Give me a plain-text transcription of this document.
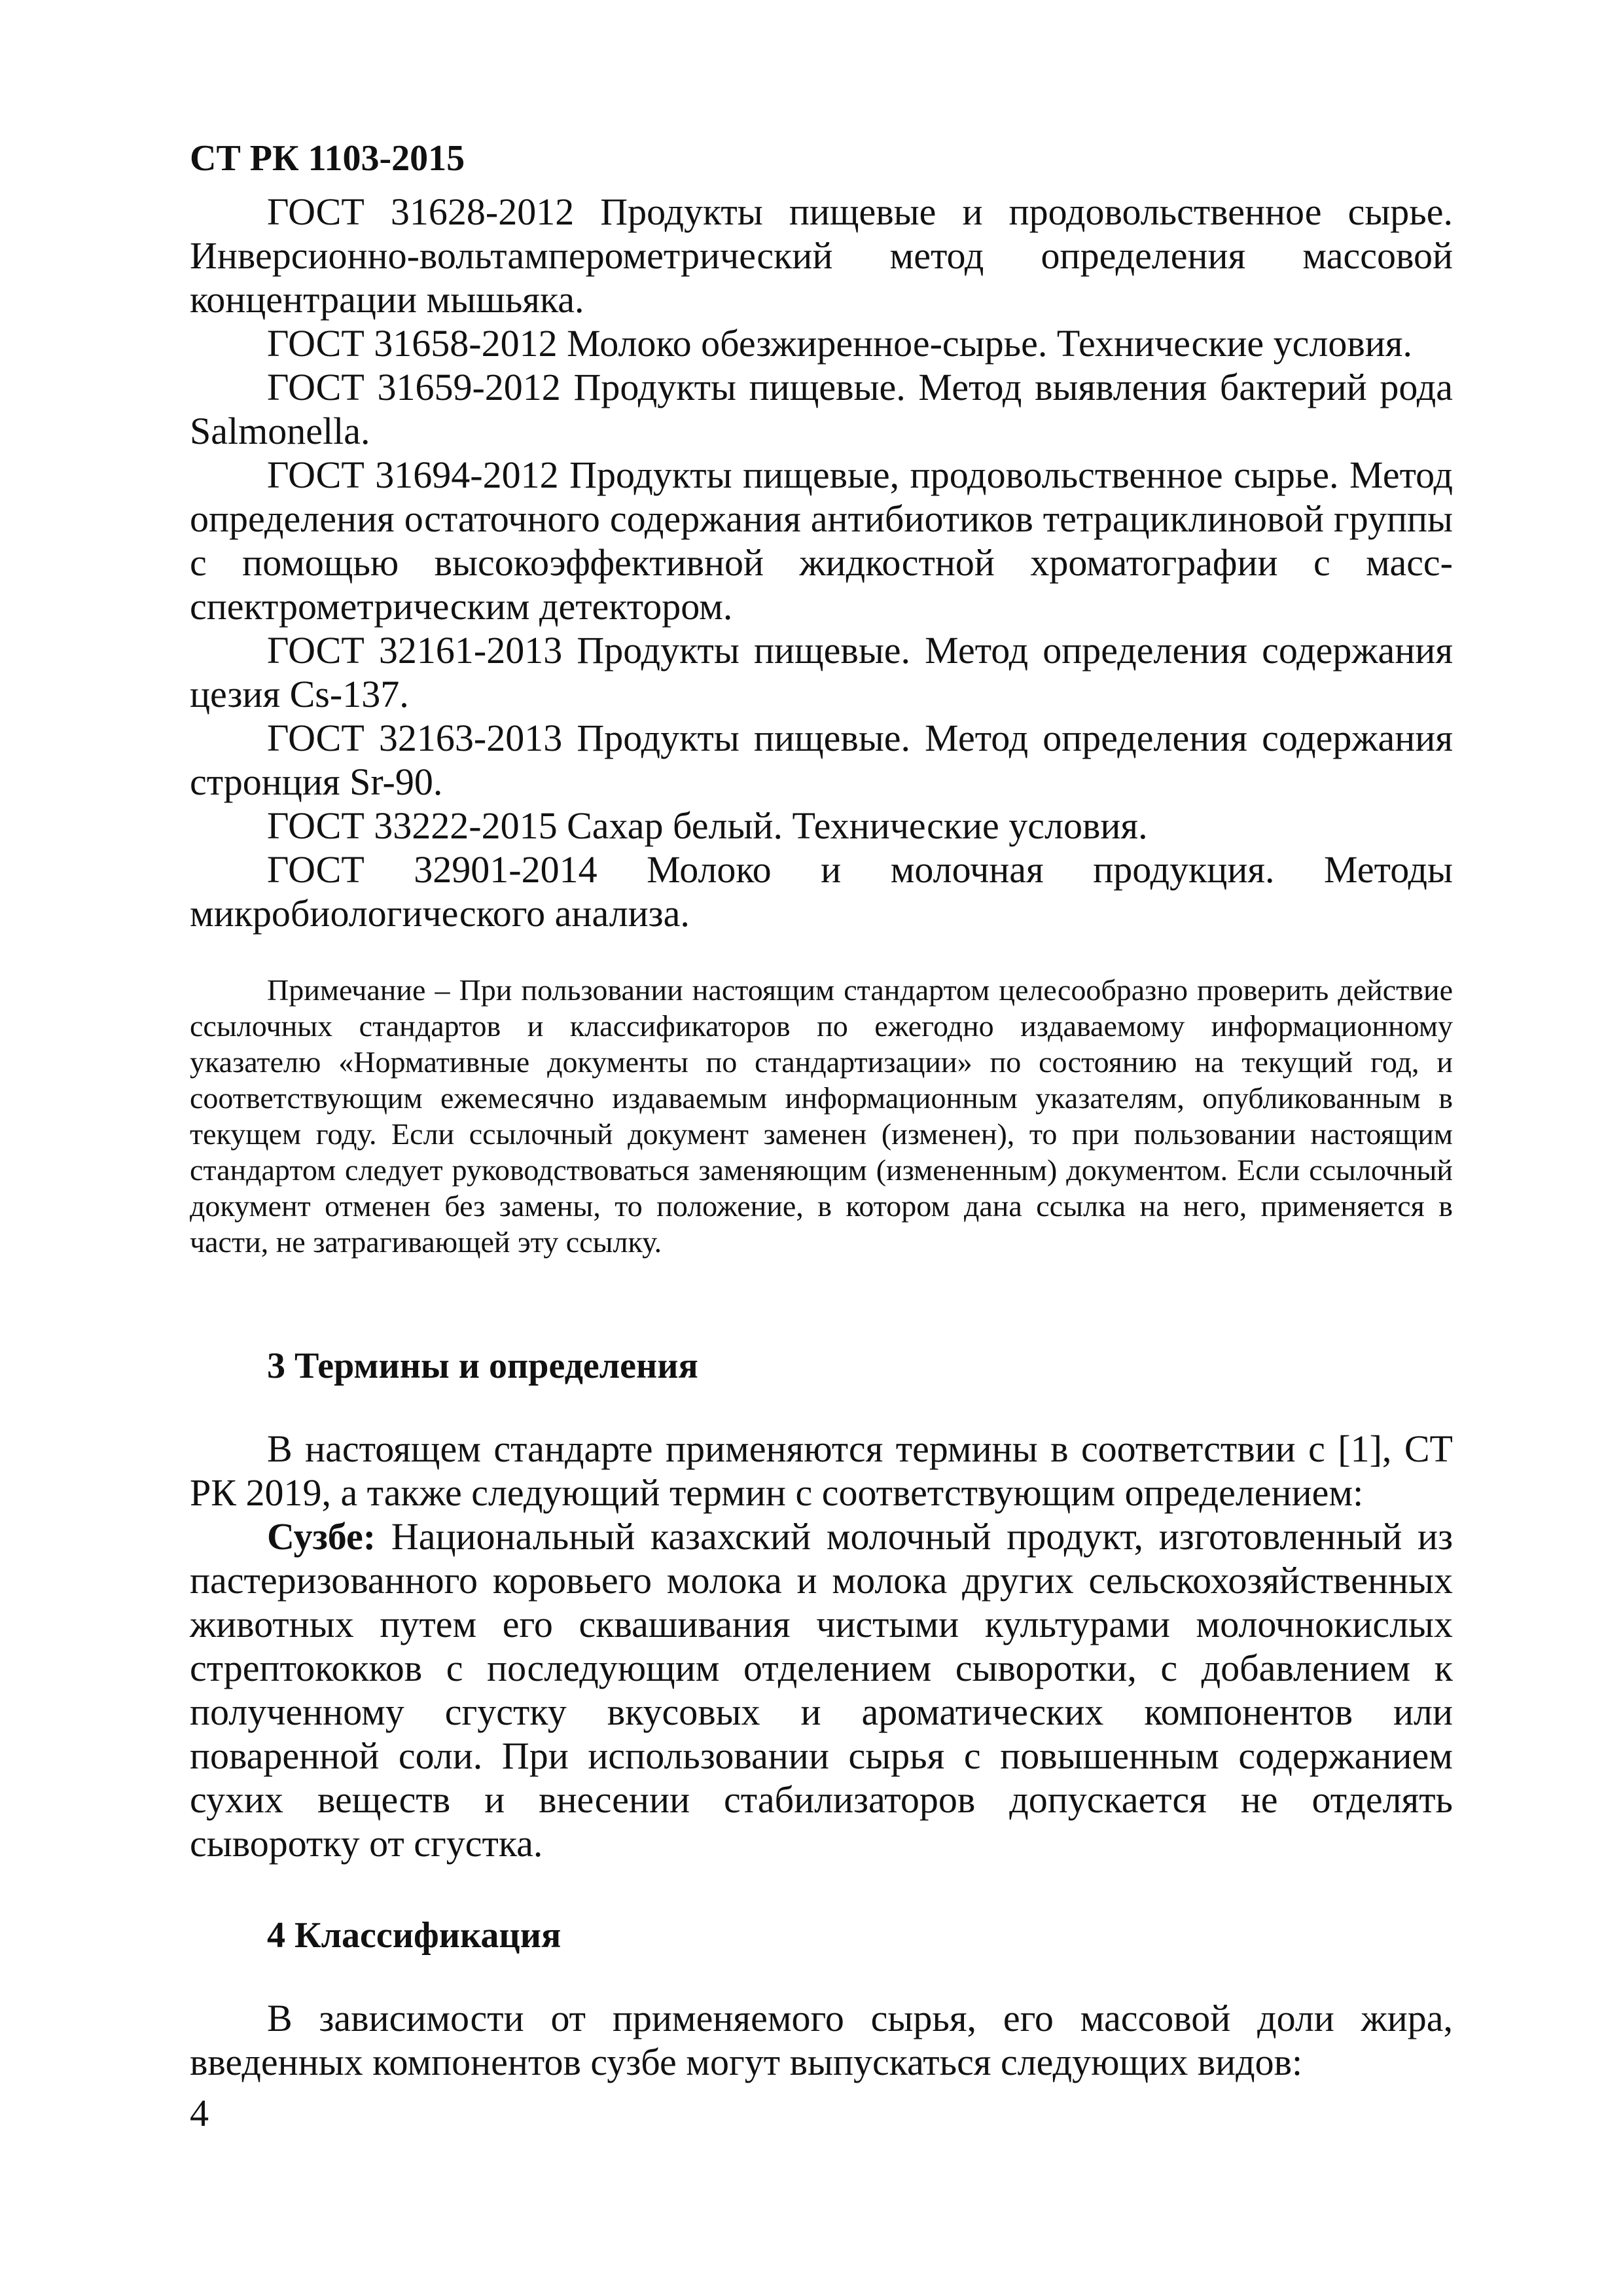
СТ РК 1103-2015

ГОСТ 31628-2012 Продукты пищевые и продовольственное сырье. Инверсионно-вольтамперометрический метод определения массовой концентрации мышьяка.

ГОСТ 31658-2012 Молоко обезжиренное-сырье. Технические условия.

ГОСТ 31659-2012 Продукты пищевые. Метод выявления бактерий рода Salmonella.

ГОСТ 31694-2012 Продукты пищевые, продовольственное сырье. Метод определения остаточного содержания антибиотиков тетрациклиновой группы с помощью высокоэффективной жидкостной хроматографии с масс-спектрометрическим детектором.

ГОСТ 32161-2013 Продукты пищевые. Метод определения содержания цезия Cs-137.

ГОСТ 32163-2013 Продукты пищевые. Метод определения содержания стронция Sr-90.

ГОСТ 33222-2015 Сахар белый. Технические условия.

ГОСТ 32901-2014 Молоко и молочная продукция. Методы микробиологического анализа.

Примечание – При пользовании настоящим стандартом целесообразно проверить действие ссылочных стандартов и классификаторов по ежегодно издаваемому информационному указателю «Нормативные документы по стандартизации» по состоянию на текущий год, и соответствующим ежемесячно издаваемым информационным указателям, опубликованным в текущем году. Если ссылочный документ заменен (изменен), то при пользовании настоящим стандартом следует руководствоваться заменяющим (измененным) документом. Если ссылочный документ отменен без замены, то положение, в котором дана ссылка на него, применяется в части, не затрагивающей эту ссылку.

3 Термины и определения

В настоящем стандарте применяются термины в соответствии с [1], СТ РК 2019, а также следующий термин с соответствующим определением:

Сузбе: Национальный казахский молочный продукт, изготовленный из пастеризованного коровьего молока и молока других сельскохозяйственных животных путем его сквашивания чистыми культурами молочнокислых стрептококков с последующим отделением сыворотки, с добавлением к полученному сгустку вкусовых и ароматических компонентов или поваренной соли. При использовании сырья с повышенным содержанием сухих веществ и внесении стабилизаторов допускается не отделять сыворотку от сгустка.

4 Классификация

В зависимости от применяемого сырья, его массовой доли жира, введенных компонентов сузбе могут выпускаться следующих видов:

4
